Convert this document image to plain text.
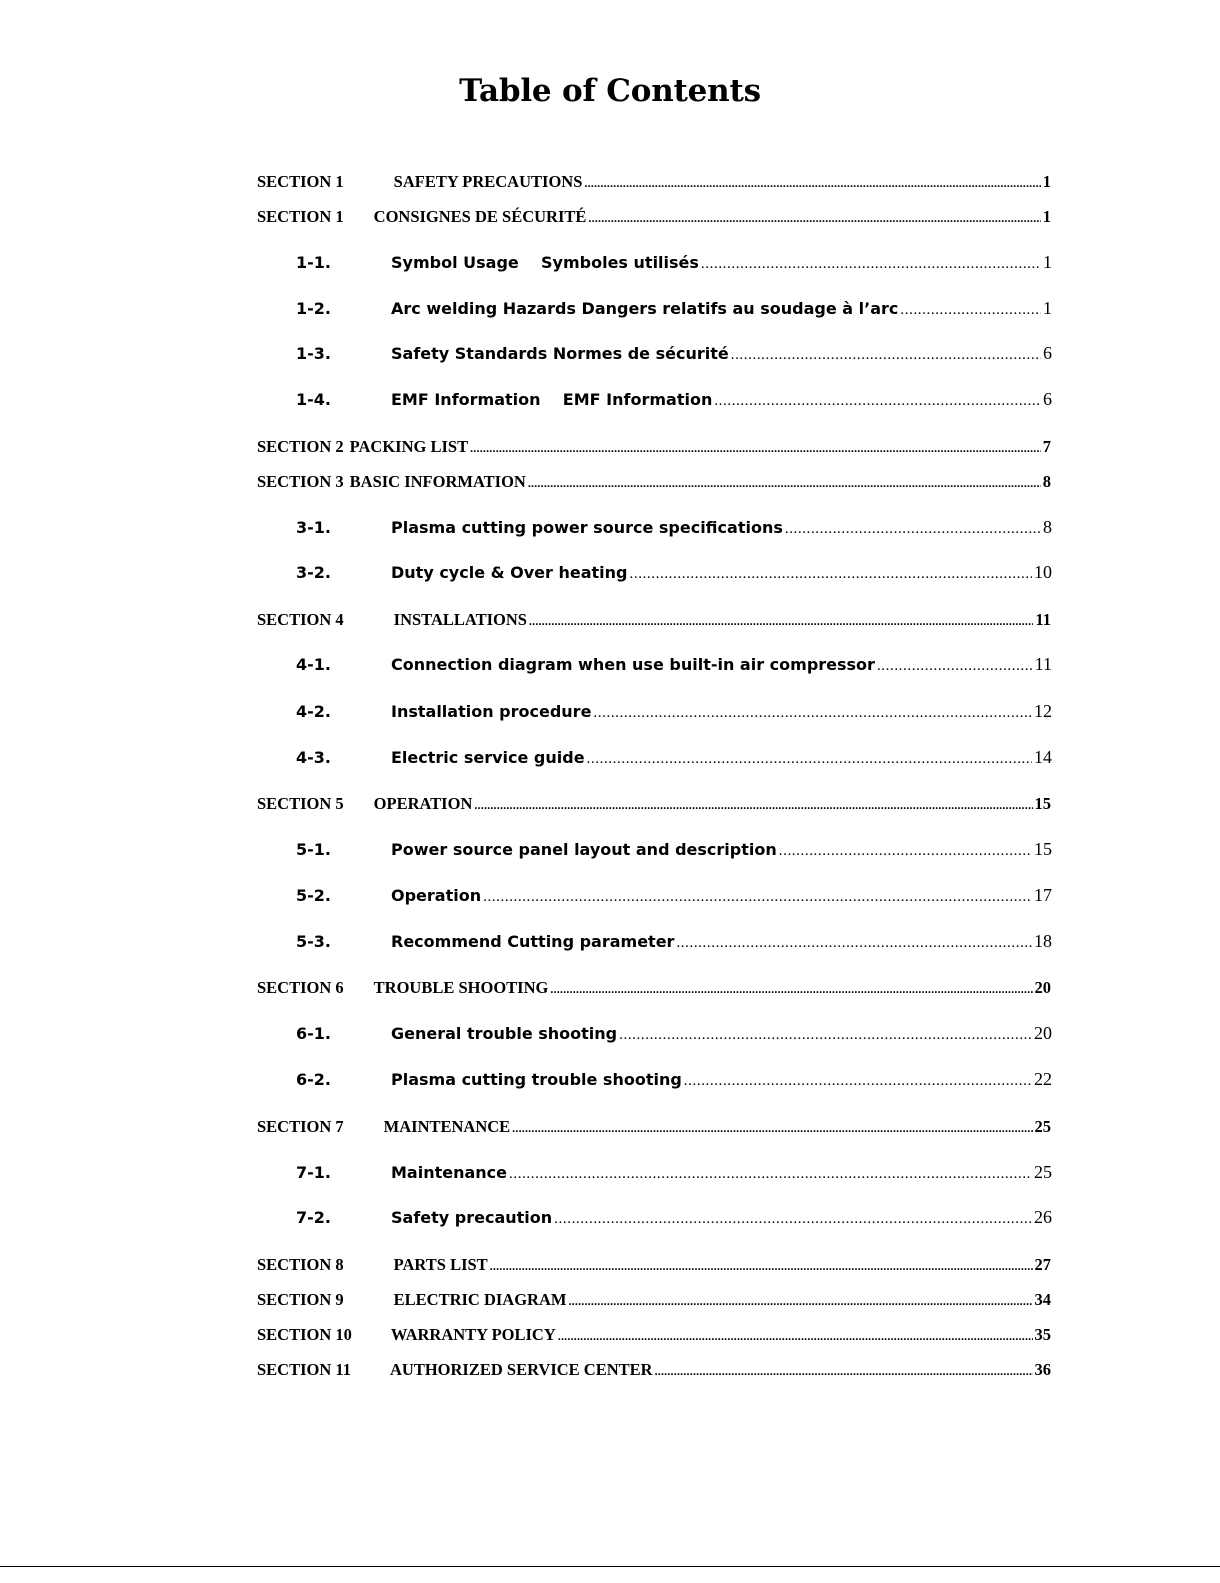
Table of Contents
SECTION 1	SAFETY PRECAUTIONS .....	1
SECTION 1 CONSIGNES DE SÉCURITÉ .....	1
1-1.	Symbol Usage    Symboles utilisés .....	1
1-2.	Arc welding Hazards Dangers relatifs au soudage à l’arc .....	1
1-3.	Safety Standards Normes de sécurité .....	6
1-4.	EMF Information    EMF Information .....	6
SECTION 2 PACKING LIST .....	7
SECTION 3 BASIC INFORMATION .....	8
3-1.	Plasma cutting power source specifications .....	8
3-2.	Duty cycle & Over heating .....	10
SECTION 4	INSTALLATIONS .....	11
4-1.	Connection diagram when use built-in air compressor .....	11
4-2.	Installation procedure .....	12
4-3.	Electric service guide .....	14
SECTION 5 OPERATION .....	15
5-1.	Power source panel layout and description .....	15
5-2.	Operation .....	17
5-3.	Recommend Cutting parameter .....	18
SECTION 6 TROUBLE SHOOTING .....	20
6-1.	General trouble shooting .....	20
6-2.	Plasma cutting trouble shooting .....	22
SECTION 7 MAINTENANCE .....	25
7-1.	Maintenance .....	25
7-2.	Safety precaution .....	26
SECTION 8	PARTS LIST .....	27
SECTION 9	ELECTRIC DIAGRAM .....	34
SECTION 10 WARRANTY POLICY .....	35
SECTION 11 AUTHORIZED SERVICE CENTER .....	36
